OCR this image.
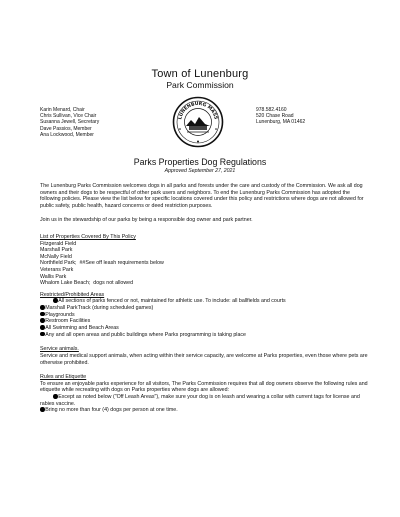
Town of Lunenburg
Park Commission
Karin Menard, Chair
Chris Sullivan, Vice Chair
Susanna Jewell, Secretary
Dave Passios, Member
Ana Lockwood, Member
LUNENBURG MASS
978.582.4160
520 Chase Road
Lunenburg, MA 01462
Parks Properties Dog Regulations
Approved September 27, 2021

The Lunenburg Parks Commission welcomes dogs in all parks and forests under the care and custody of the Commission. We ask all dog owners and their dogs to be respectful of other park users and neighbors. To end the Lunenburg Parks Commission has adopted the following policies. Please view the list below for specific locations covered under this policy and restrictions where dogs are not allowed for public safety, public health, hazard concerns or deed restriction purposes.

Join us in the stewardship of our parks by being a responsible dog owner and park partner.

List of Properties Covered By This Policy
Fitzgerald Field
Marshall Park
McNally Field
Northfield Park;  ##See off leash requirements below
Veterans Park
Wallis Park
Whalom Lake Beach;  dogs not allowed
Restricted/Prohibited Areas
All sections of parks fenced or not, maintained for athletic use. To include: all ballfields and courts
Marshall ParkTrack (during scheduled games)
Playgrounds
Restroom Facilities
All Swimming and Beach Areas
Any and all open areas and public buildings where Parks programming is taking place
Service animals.

Service and medical support animals, when acting within their service capacity, are welcome at Parks properties, even those where pets are otherwise prohibited.

Rules and Etiquette

To ensure an enjoyable parks experience for all visitors, The Parks Commission requires that all dog owners observe the following rules and etiquette while recreating with dogs on Parks properties where dogs are allowed:

Except as noted below ("Off Leash Areas"), make sure your dog is on leash and wearing a collar with current tags for license and rabies vaccine.
Bring no more than four (4) dogs per person at one time.
